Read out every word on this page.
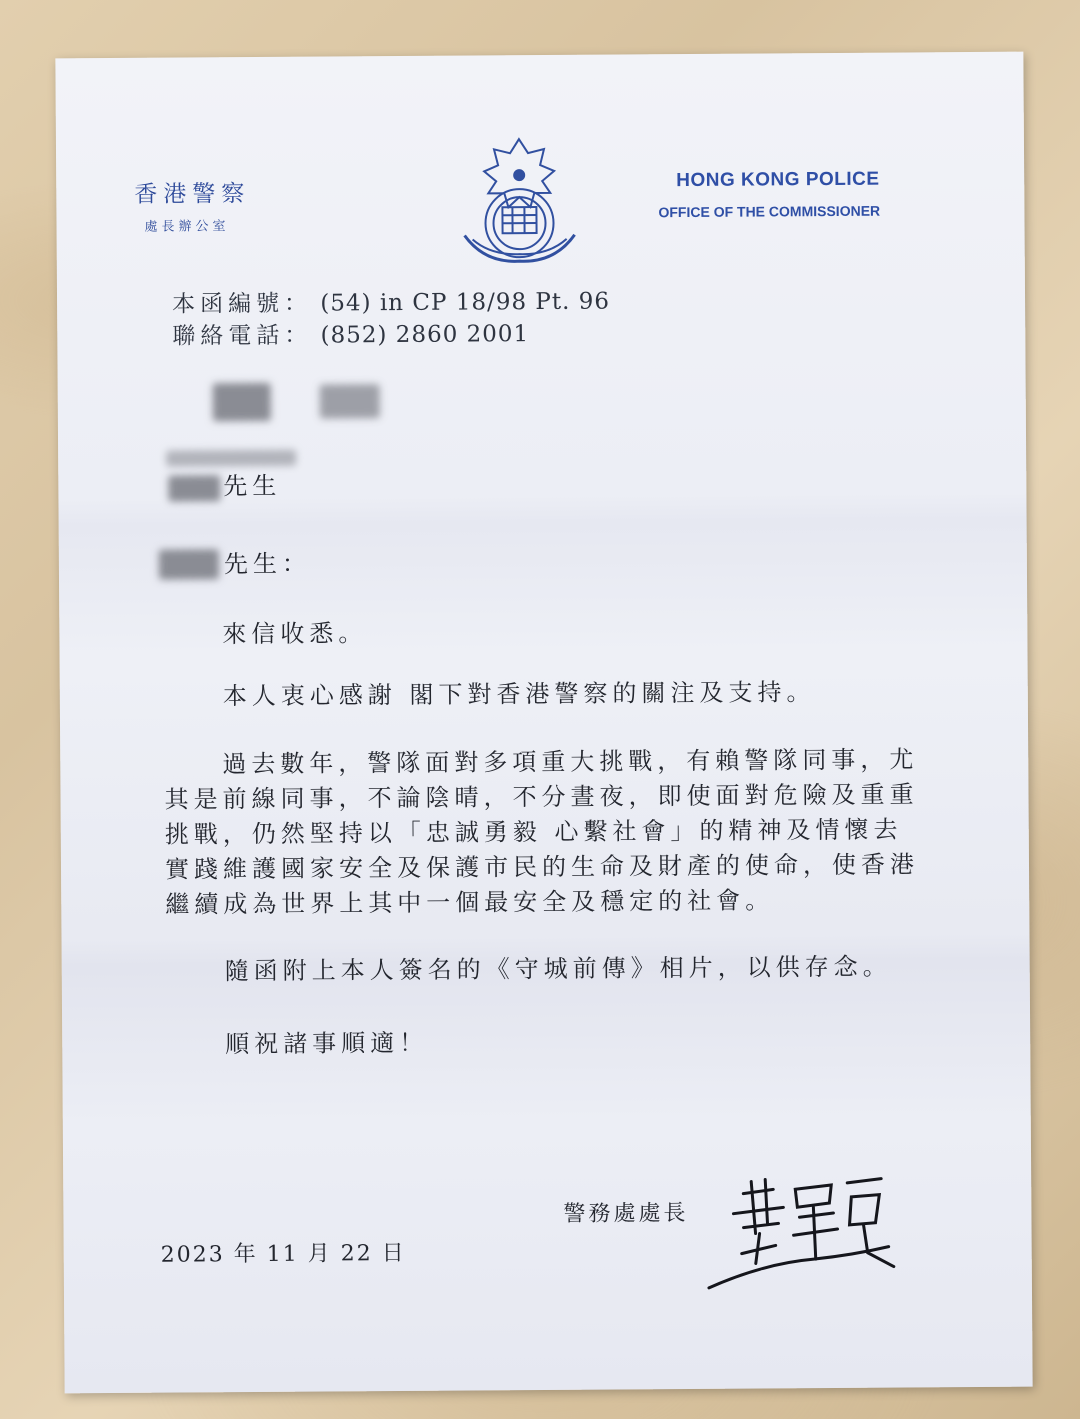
香港警察
處長辦公室
HONG KONG POLICE
OFFICE OF THE COMMISSIONER
本函編號： (54) in CP 18/98 Pt. 96
聯絡電話： (852) 2860 2001
先生
先生：
來信收悉。
本人衷心感謝 閣下對香港警察的關注及支持。
過去數年，警隊面對多項重大挑戰，有賴警隊同事，尤
其是前線同事，不論陰晴，不分晝夜，即使面對危險及重重
挑戰，仍然堅持以「忠誠勇毅 心繫社會」的精神及情懷去
實踐維護國家安全及保護市民的生命及財產的使命，使香港
繼續成為世界上其中一個最安全及穩定的社會。
隨函附上本人簽名的《守城前傳》相片，以供存念。
順祝諸事順適！
警務處處長
2023 年 11 月 22 日
